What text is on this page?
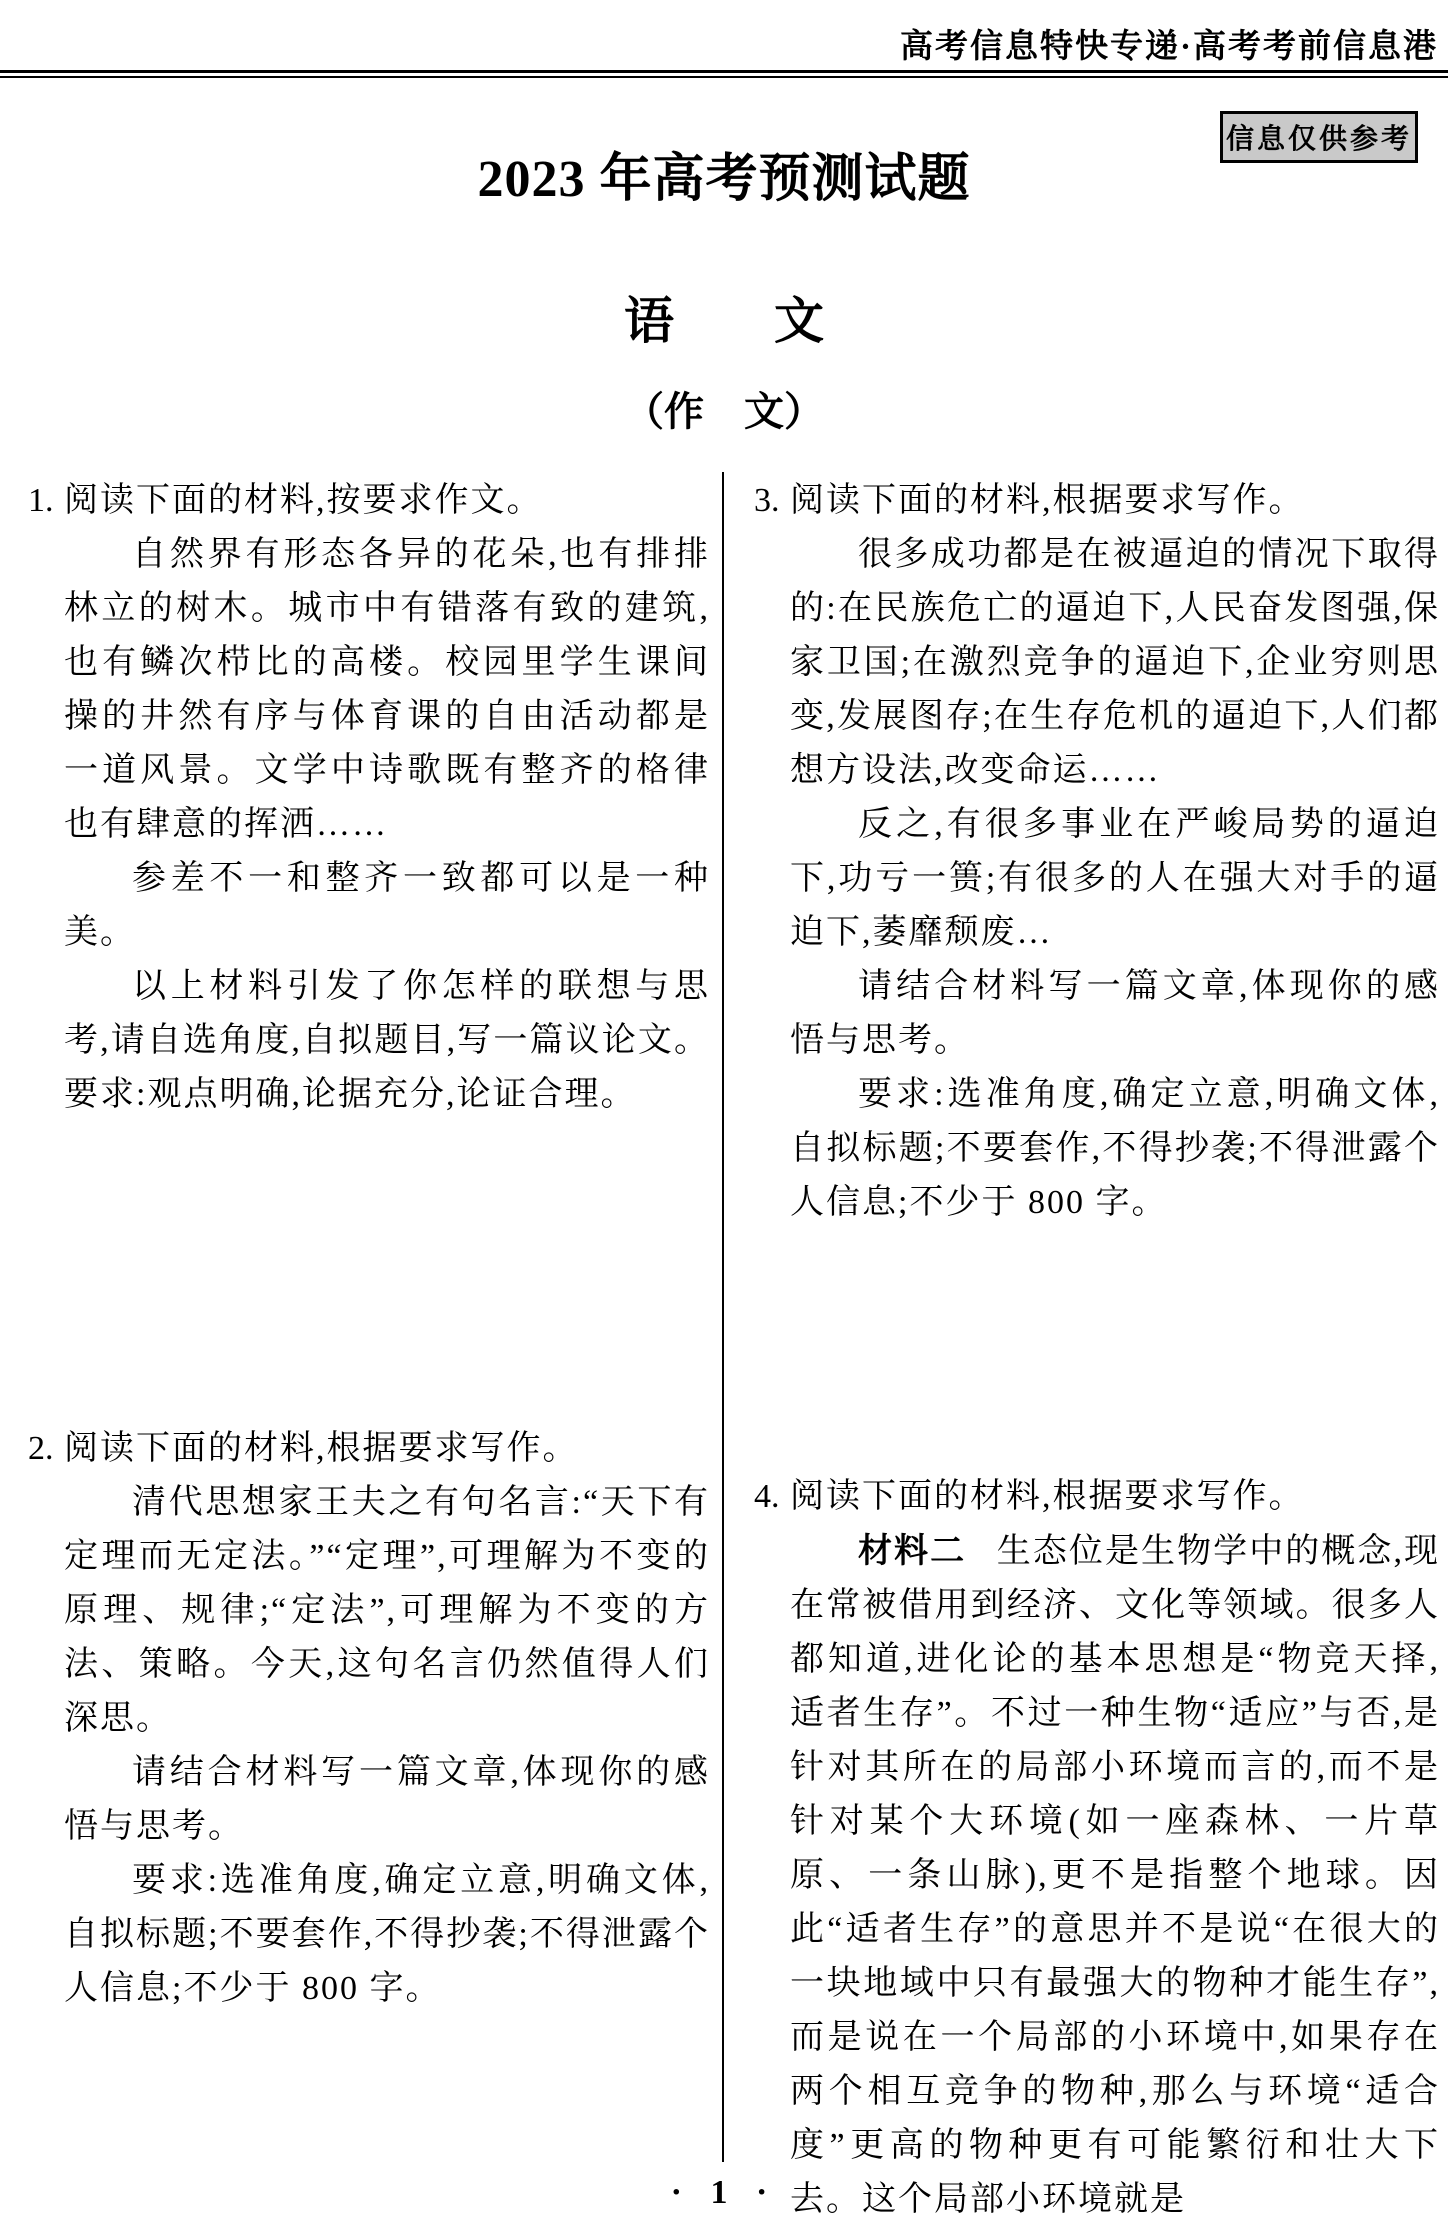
高考信息特快专递·高考考前信息港
信息仅供参考
2023 年高考预测试题
语　　文
（作　文）

1. 阅读下面的材料,按要求作文。

自然界有形态各异的花朵,也有排排林立的树木。城市中有错落有致的建筑,也有鳞次栉比的高楼。校园里学生课间操的井然有序与体育课的自由活动都是一道风景。文学中诗歌既有整齐的格律也有肆意的挥洒……

参差不一和整齐一致都可以是一种美。

以上材料引发了你怎样的联想与思考,请自选角度,自拟题目,写一篇议论文。要求:观点明确,论据充分,论证合理。

2. 阅读下面的材料,根据要求写作。

清代思想家王夫之有句名言:“天下有定理而无定法。”“定理”,可理解为不变的原理、规律;“定法”,可理解为不变的方法、策略。今天,这句名言仍然值得人们深思。

请结合材料写一篇文章,体现你的感悟与思考。

要求:选准角度,确定立意,明确文体,自拟标题;不要套作,不得抄袭;不得泄露个人信息;不少于 800 字。

3. 阅读下面的材料,根据要求写作。

很多成功都是在被逼迫的情况下取得的:在民族危亡的逼迫下,人民奋发图强,保家卫国;在激烈竞争的逼迫下,企业穷则思变,发展图存;在生存危机的逼迫下,人们都想方设法,改变命运……

反之,有很多事业在严峻局势的逼迫下,功亏一篑;有很多的人在强大对手的逼迫下,萎靡颓废…

请结合材料写一篇文章,体现你的感悟与思考。

要求:选准角度,确定立意,明确文体,自拟标题;不要套作,不得抄袭;不得泄露个人信息;不少于 800 字。

4. 阅读下面的材料,根据要求写作。

材料二 生态位是生物学中的概念,现在常被借用到经济、文化等领域。很多人都知道,进化论的基本思想是“物竞天择,适者生存”。不过一种生物“适应”与否,是针对其所在的局部小环境而言的,而不是针对某个大环境(如一座森林、一片草原、一条山脉),更不是指整个地球。因此“适者生存”的意思并不是说“在很大的一块地域中只有最强大的物种才能生存”,而是说在一个局部的小环境中,如果存在两个相互竞争的物种,那么与环境“适合度”更高的物种更有可能繁衍和壮大下去。这个局部小环境就是

· 1 ·
